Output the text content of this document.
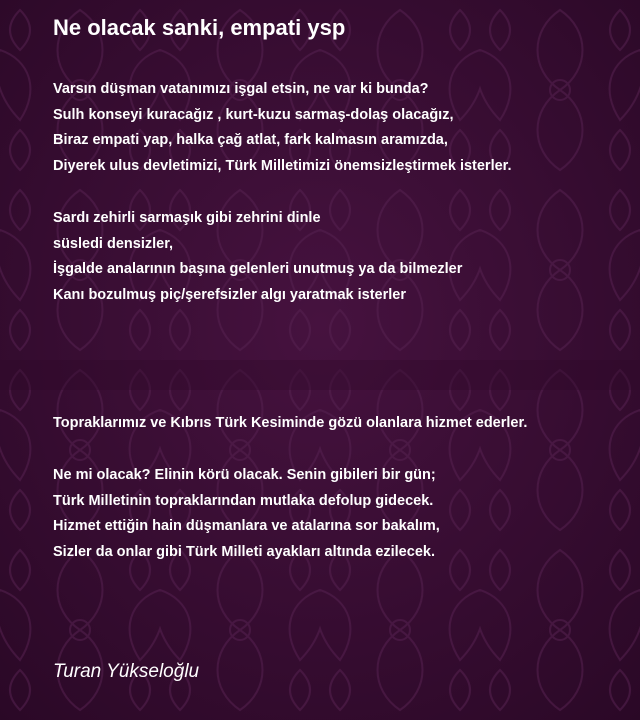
Ne olacak sanki, empati ysp
Varsın düşman vatanımızı işgal etsin, ne var ki bunda?
Sulh konseyi kuracağız , kurt-kuzu sarmaş-dolaş olacağız,
Biraz empati yap, halka çağ atlat, fark kalmasın aramızda,
Diyerek ulus devletimizi, Türk Milletimizi önemsizleştirmek isterler.
Sardı zehirli sarmaşık gibi zehrini dinle
süsledi densizler,
İşgalde analarının başına gelenleri unutmuş ya da bilmezler
Kanı bozulmuş piç/şerefsizler algı yaratmak isterler
Topraklarımız ve Kıbrıs Türk Kesiminde gözü olanlara hizmet ederler.
Ne mi olacak? Elinin körü olacak. Senin gibileri bir gün;
Türk Milletinin topraklarından mutlaka defolup gidecek.
Hizmet ettiğin hain düşmanlara ve atalarına sor bakalım,
Sizler da onlar gibi Türk Milleti ayakları altında ezilecek.
Turan Yükseloğlu
